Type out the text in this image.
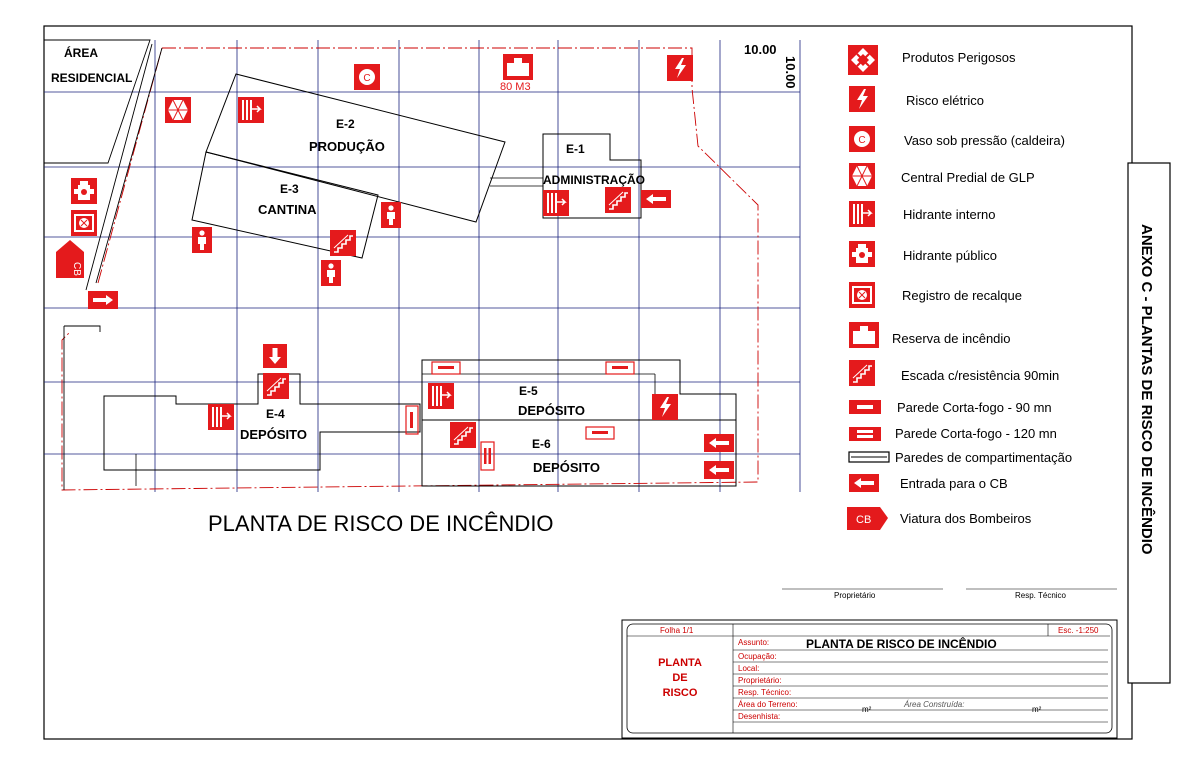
C
ÁREA
RESIDENCIAL
10.00
10.00
80 M3
E-2
PRODUÇÃO
E-3
CANTINA
E-1
ADMINISTRAÇÃO
E-4
DEPÓSITO
E-5
DEPÓSITO
E-6
DEPÓSITO
PLANTA DE RISCO DE INCÊNDIO
CB
Produtos Perigosos
Risco elétrico
Vaso sob pressão (caldeira)
Central Predial de GLP
Hidrante interno
Hidrante público
Registro de recalque
Reserva de incêndio
Escada c/resistência 90min
Parede Corta-fogo - 90 mn
Parede Corta-fogo - 120 mn
Paredes de compartimentação
Entrada para o CB
CB Viatura dos Bombeiros	ANEXO C - PLANTAS DE RISCO DE INCÊNDIO
Proprietário	Resp. Técnico
Folha 1/1	Esc. -1:250
PLANTA
DE
RISCO
Assunto:	PLANTA DE RISCO DE INCÊNDIO
Ocupação:
Local:
Proprietário:
Resp. Técnico:
Área do Terreno:
m²
Área Construída:
m²
Desenhista:
